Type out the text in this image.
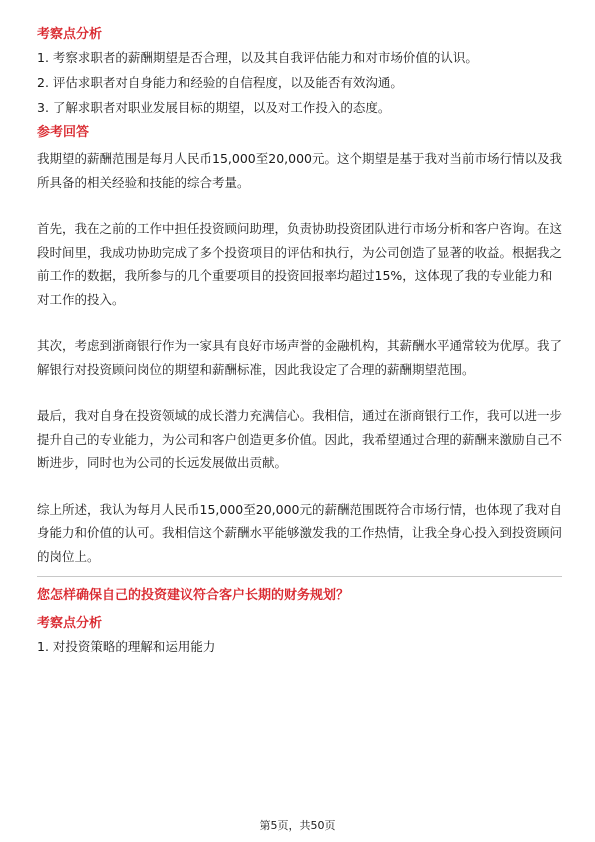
考察点分析
1. 考察求职者的薪酬期望是否合理，以及其自我评估能力和对市场价值的认识。
2. 评估求职者对自身能力和经验的自信程度，以及能否有效沟通。
3. 了解求职者对职业发展目标的期望，以及对工作投入的态度。
参考回答

我期望的薪酬范围是每月人民币15,000至20,000元。这个期望是基于我对当前市场行情以及我所具备的相关经验和技能的综合考量。

首先，我在之前的工作中担任投资顾问助理，负责协助投资团队进行市场分析和客户咨询。在这段时间里，我成功协助完成了多个投资项目的评估和执行，为公司创造了显著的收益。根据我之前工作的数据，我所参与的几个重要项目的投资回报率均超过15%，这体现了我的专业能力和对工作的投入。

其次，考虑到浙商银行作为一家具有良好市场声誉的金融机构，其薪酬水平通常较为优厚。我了解银行对投资顾问岗位的期望和薪酬标准，因此我设定了合理的薪酬期望范围。

最后，我对自身在投资领域的成长潜力充满信心。我相信，通过在浙商银行工作，我可以进一步提升自己的专业能力，为公司和客户创造更多价值。因此，我希望通过合理的薪酬来激励自己不断进步，同时也为公司的长远发展做出贡献。

综上所述，我认为每月人民币15,000至20,000元的薪酬范围既符合市场行情，也体现了我对自身能力和价值的认可。我相信这个薪酬水平能够激发我的工作热情，让我全身心投入到投资顾问的岗位上。

您怎样确保自己的投资建议符合客户长期的财务规划？
考察点分析
1. 对投资策略的理解和运用能力
第5页，共50页
